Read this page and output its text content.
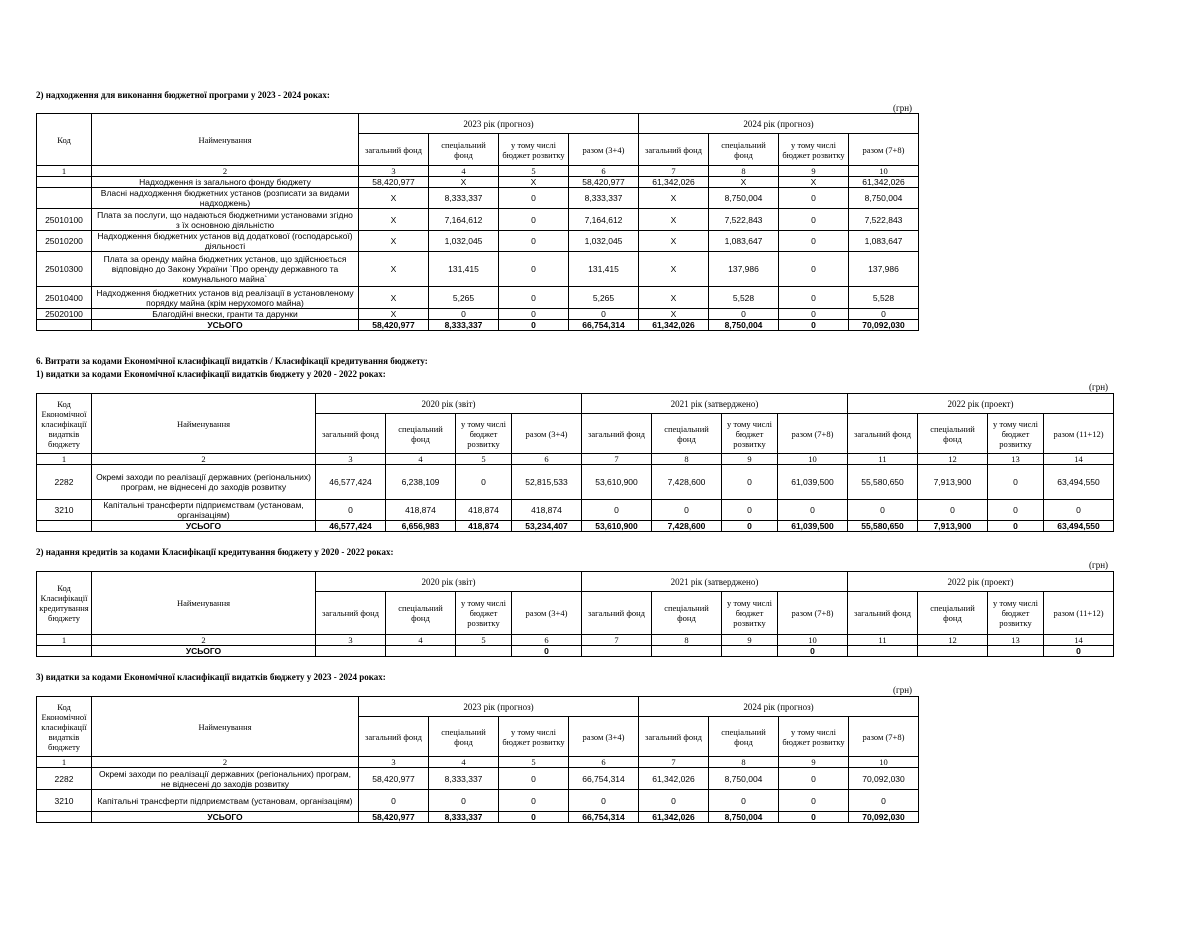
2) надходження для виконання бюджетної програми у 2023 - 2024 роках:
(грн)
Код	Найменування	2023 рік (прогноз)				2024 рік (прогноз)			
		загальний фонд	спеціальний фонд	у тому числі бюджет розвитку	разом (3+4)	загальний фонд	спеціальний фонд	у тому числі бюджет розвитку	разом (7+8)
1	2	3	4	5	6	7	8	9	10
	Надходження із загального фонду бюджету	58,420,977	X	X	58,420,977	61,342,026	X	X	61,342,026
	Власні надходження бюджетних установ (розписати за видами надходжень)	X	8,333,337	0	8,333,337	X	8,750,004	0	8,750,004
25010100	Плата за послуги, що надаються бюджетними установами згідно з їх основною діяльністю	X	7,164,612	0	7,164,612	X	7,522,843	0	7,522,843
25010200	Надходження бюджетних установ від додаткової (господарської) діяльності	X	1,032,045	0	1,032,045	X	1,083,647	0	1,083,647
25010300	Плата за оренду майна бюджетних установ, що здійснюється відповідно до Закону України `Про оренду державного та комунального майна`	X	131,415	0	131,415	X	137,986	0	137,986
25010400	Надходження бюджетних установ від реалізації в установленому порядку майна (крім нерухомого майна)	X	5,265	0	5,265	X	5,528	0	5,528
25020100	Благодійні внески, гранти та дарунки	X	0	0	0	X	0	0	0
	УСЬОГО	58,420,977	8,333,337	0	66,754,314	61,342,026	8,750,004	0	70,092,030
6. Витрати за кодами Економічної класифікації видатків / Класифікації кредитування бюджету:
1) видатки за кодами Економічної класифікації видатків бюджету у 2020 - 2022 роках:
(грн)
Код Економічної класифікації видатків бюджету	Найменування	2020 рік (звіт)				2021 рік (затверджено)				2022 рік (проект)			
		загальний фонд	спеціальний фонд	у тому числі бюджет розвитку	разом (3+4)	загальний фонд	спеціальний фонд	у тому числі бюджет розвитку	разом (7+8)	загальний фонд	спеціальний фонд	у тому числі бюджет розвитку	разом (11+12)
1	2	3	4	5	6	7	8	9	10	11	12	13	14
2282	Окремі заходи по реалізації державних (регіональних) програм, не віднесені до заходів розвитку	46,577,424	6,238,109	0	52,815,533	53,610,900	7,428,600	0	61,039,500	55,580,650	7,913,900	0	63,494,550
3210	Капітальні трансферти підприємствам (установам, організаціям)	0	418,874	418,874	418,874	0	0	0	0	0	0	0	0
	УСЬОГО	46,577,424	6,656,983	418,874	53,234,407	53,610,900	7,428,600	0	61,039,500	55,580,650	7,913,900	0	63,494,550
2) надання кредитів за кодами Класифікації кредитування бюджету у 2020 - 2022 роках:
(грн)
Код Класифікації кредитування бюджету	Найменування	2020 рік (звіт)				2021 рік (затверджено)				2022 рік (проект)			
		загальний фонд	спеціальний фонд	у тому числі бюджет розвитку	разом (3+4)	загальний фонд	спеціальний фонд	у тому числі бюджет розвитку	разом (7+8)	загальний фонд	спеціальний фонд	у тому числі бюджет розвитку	разом (11+12)
1	2	3	4	5	6	7	8	9	10	11	12	13	14
	УСЬОГО				0				0				0
3) видатки за кодами Економічної класифікації видатків бюджету у 2023 - 2024 роках:
(грн)
Код Економічної класифікації видатків бюджету	Найменування	2023 рік (прогноз)				2024 рік (прогноз)			
		загальний фонд	спеціальний фонд	у тому числі бюджет розвитку	разом (3+4)	загальний фонд	спеціальний фонд	у тому числі бюджет розвитку	разом (7+8)
1	2	3	4	5	6	7	8	9	10
2282	Окремі заходи по реалізації державних (регіональних) програм, не віднесені до заходів розвитку	58,420,977	8,333,337	0	66,754,314	61,342,026	8,750,004	0	70,092,030
3210	Капітальні трансферти підприємствам (установам, організаціям)	0	0	0	0	0	0	0	0
	УСЬОГО	58,420,977	8,333,337	0	66,754,314	61,342,026	8,750,004	0	70,092,030
